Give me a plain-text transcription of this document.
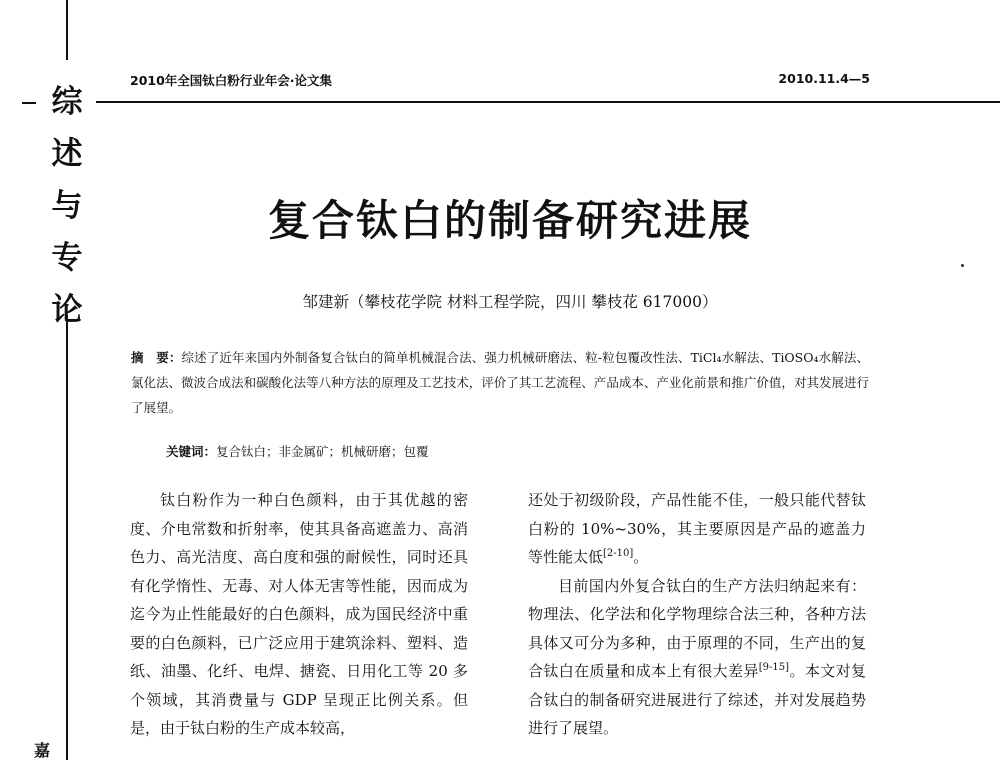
综
述
与
专
论
嘉
2010年全国钛白粉行业年会·论文集	2010.11.4—5
复合钛白的制备研究进展
邹建新（攀枝花学院 材料工程学院，四川 攀枝花 617000）
摘　要：综述了近年来国内外制备复合钛白的简单机械混合法、强力机械研磨法、粒-粒包覆改性法、TiCl₄水解法、TiOSO₄水解法、氯化法、微波合成法和碳酸化法等八种方法的原理及工艺技术，评价了其工艺流程、产品成本、产业化前景和推广价值，对其发展进行了展望。
关键词：复合钛白；非金属矿；机械研磨；包覆

钛白粉作为一种白色颜料，由于其优越的密度、介电常数和折射率，使其具备高遮盖力、高消色力、高光洁度、高白度和强的耐候性，同时还具有化学惰性、无毒、对人体无害等性能，因而成为迄今为止性能最好的白色颜料，成为国民经济中重要的白色颜料，已广泛应用于建筑涂料、塑料、造纸、油墨、化纤、电焊、搪瓷、日用化工等 20 多个领域，其消费量与 GDP 呈现正比例关系。但是，由于钛白粉的生产成本较高，

还处于初级阶段，产品性能不佳，一般只能代替钛白粉的 10%~30%，其主要原因是产品的遮盖力等性能太低[2-10]。

目前国内外复合钛白的生产方法归纳起来有：物理法、化学法和化学物理综合法三种，各种方法具体又可分为多种，由于原理的不同，生产出的复合钛白在质量和成本上有很大差异[9-15]。本文对复合钛白的制备研究进展进行了综述，并对发展趋势进行了展望。
